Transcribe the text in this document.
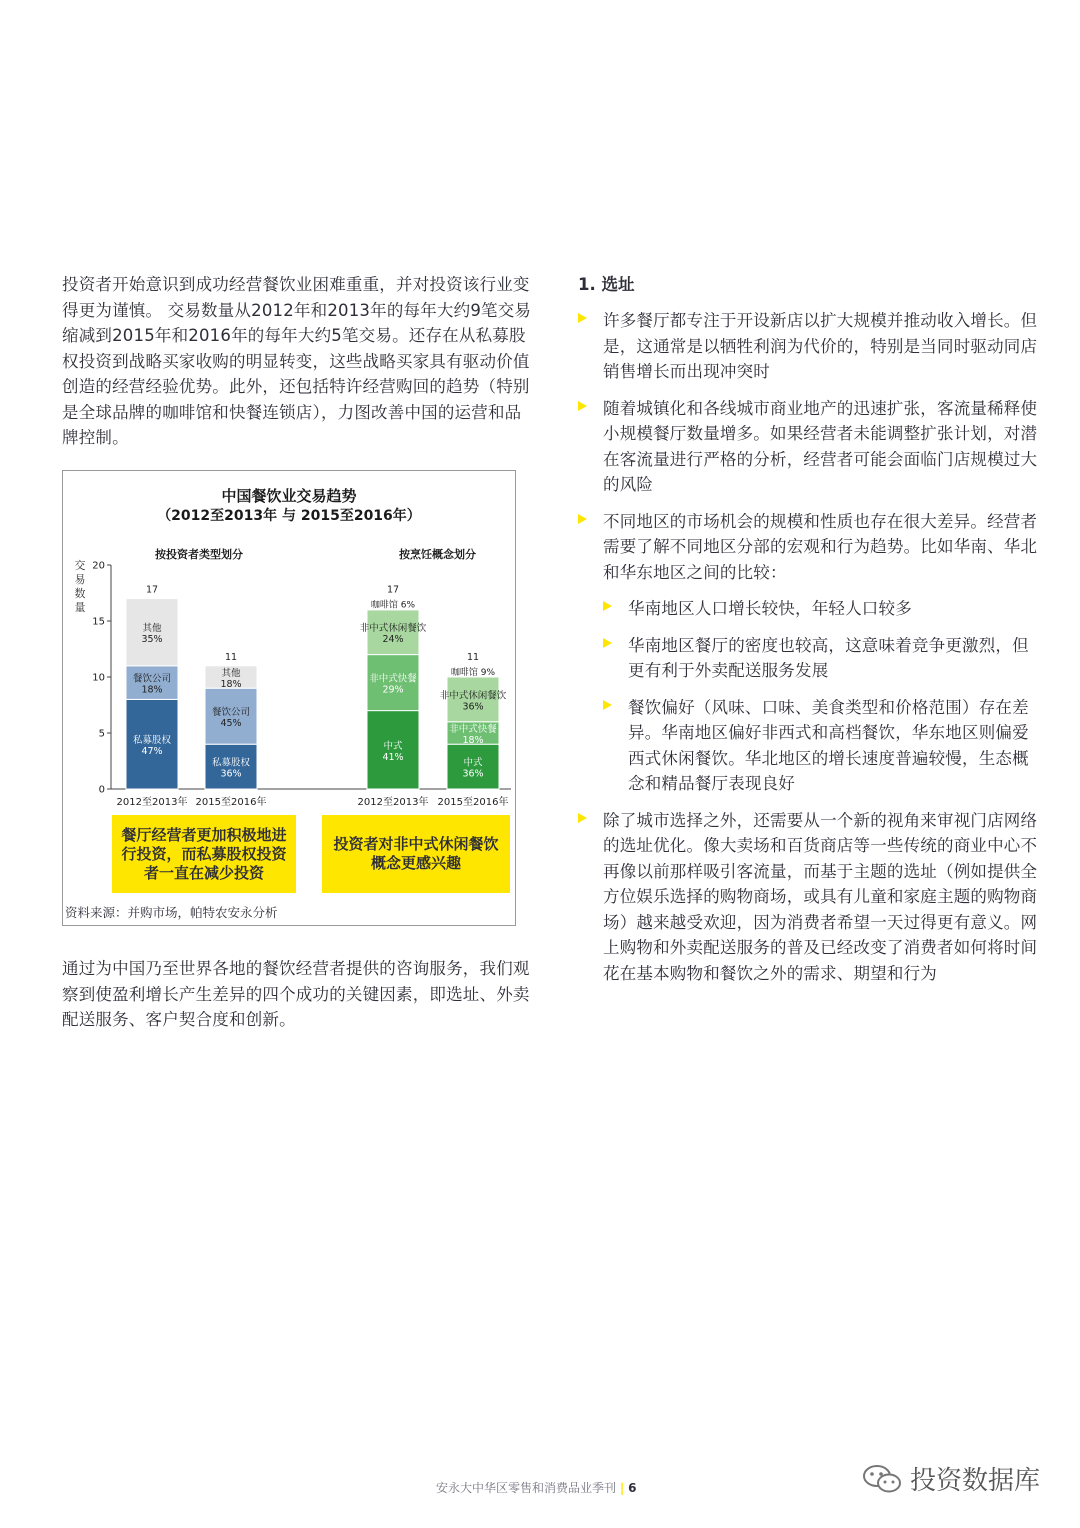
投资者开始意识到成功经营餐饮业困难重重，并对投资该行业变得更为谨慎。 交易数量从2012年和2013年的每年大约9笔交易缩减到2015年和2016年的每年大约5笔交易。还存在从私募股权投资到战略买家收购的明显转变，这些战略买家具有驱动价值创造的经营经验优势。此外，还包括特许经营购回的趋势（特别是全球品牌的咖啡馆和快餐连锁店），力图改善中国的运营和品牌控制。

中国餐饮业交易趋势
（2012至2013年 与 2015至2016年）
按投资者类型划分	按烹饪概念划分
交易数量
0
5
10
15
20
私募股权
47%
餐饮公司
18%
其他
35%
17
2012至2013年
私募股权
36%
餐饮公司
45%
其他
18%
11
2015至2016年
中式
41%
非中式快餐
29%
非中式休闲餐饮
24%
咖啡馆 6%
17
2012至2013年
中式
36%
非中式快餐
18%
非中式休闲餐饮
36%
咖啡馆 9%
11
2015至2016年
餐厅经营者更加积极地进行投资，而私募股权投资者一直在减少投资
投资者对非中式休闲餐饮概念更感兴趣
资料来源：并购市场，帕特农安永分析

通过为中国乃至世界各地的餐饮经营者提供的咨询服务，我们观察到使盈利增长产生差异的四个成功的关键因素，即选址、外卖配送服务、客户契合度和创新。

1. 选址
许多餐厅都专注于开设新店以扩大规模并推动收入增长。但是，这通常是以牺牲利润为代价的，特别是当同时驱动同店销售增长而出现冲突时
随着城镇化和各线城市商业地产的迅速扩张，客流量稀释使小规模餐厅数量增多。如果经营者未能调整扩张计划，对潜在客流量进行严格的分析，经营者可能会面临门店规模过大的风险
不同地区的市场机会的规模和性质也存在很大差异。经营者需要了解不同地区分部的宏观和行为趋势。比如华南、华北和华东地区之间的比较：
华南地区人口增长较快，年轻人口较多
华南地区餐厅的密度也较高，这意味着竞争更激烈，但更有利于外卖配送服务发展
餐饮偏好（风味、口味、美食类型和价格范围）存在差异。华南地区偏好非西式和高档餐饮，华东地区则偏爱西式休闲餐饮。华北地区的增长速度普遍较慢，生态概念和精品餐厅表现良好
除了城市选择之外，还需要从一个新的视角来审视门店网络的选址优化。像大卖场和百货商店等一些传统的商业中心不再像以前那样吸引客流量，而基于主题的选址（例如提供全方位娱乐选择的购物商场，或具有儿童和家庭主题的购物商场）越来越受欢迎，因为消费者希望一天过得更有意义。网上购物和外卖配送服务的普及已经改变了消费者如何将时间花在基本购物和餐饮之外的需求、期望和行为
安永大中华区零售和消费品业季刊 | 6	投资数据库
